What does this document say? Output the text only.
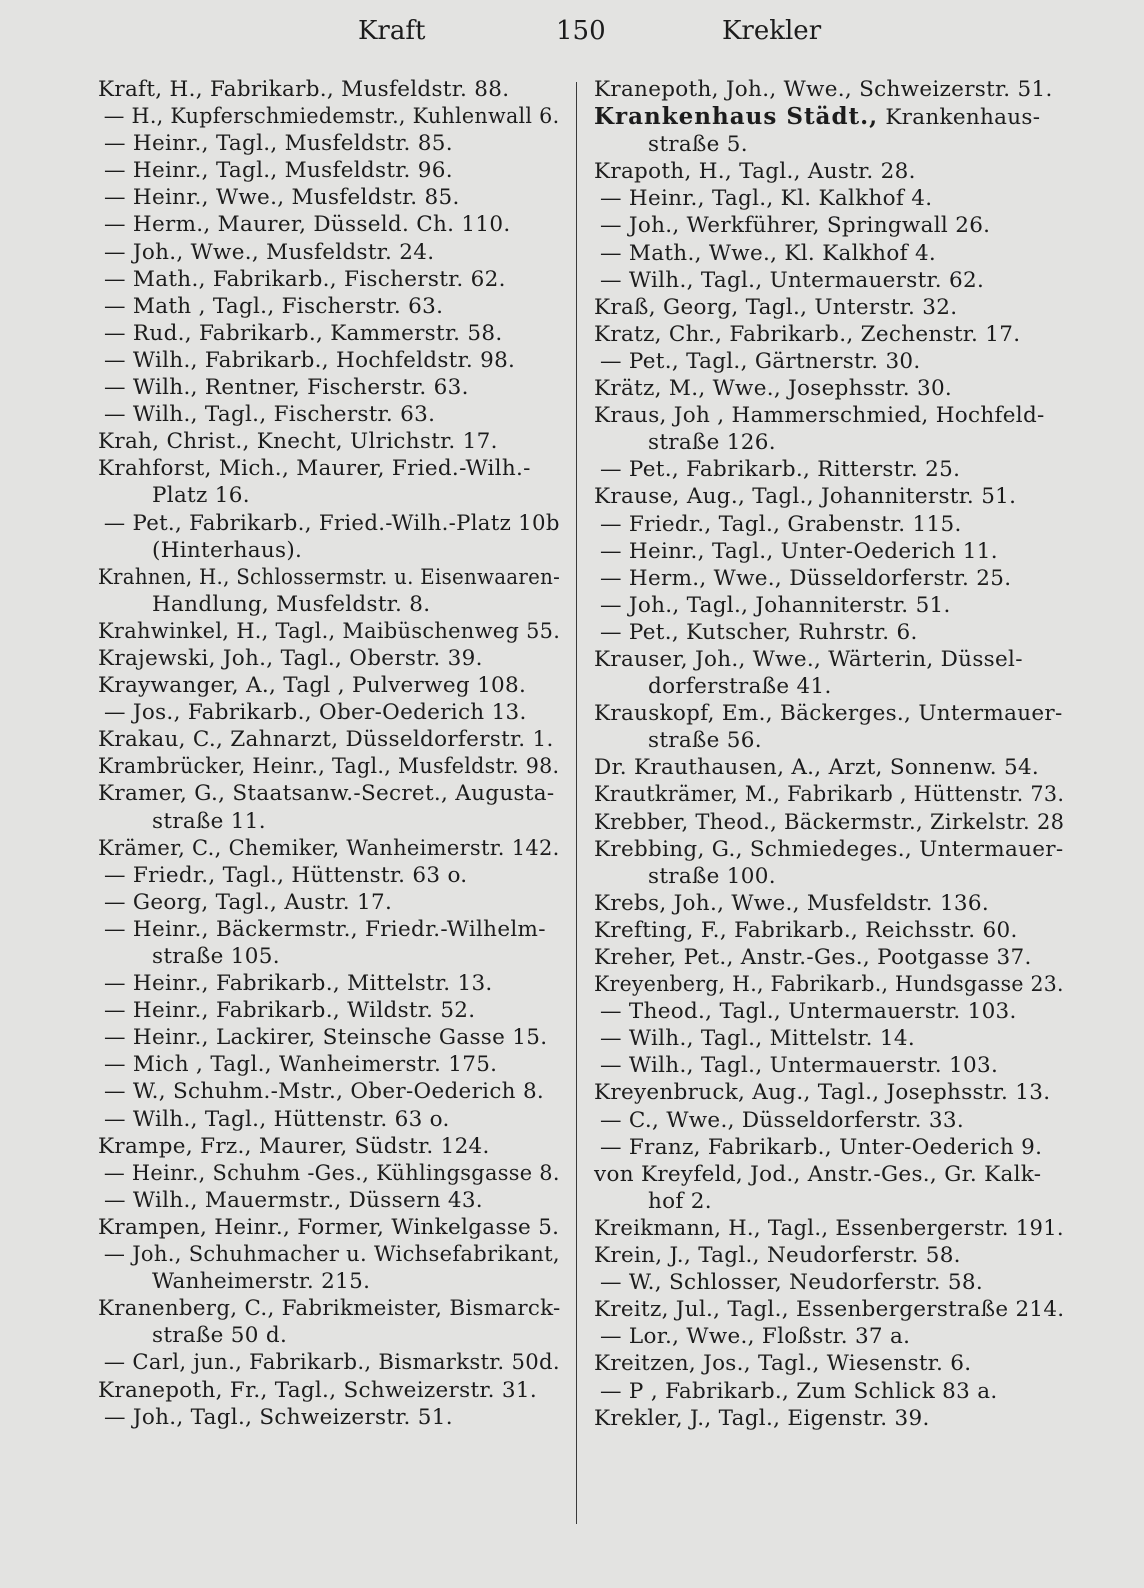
Kraft	150	Krekler
Kraft, H., Fabrikarb., Musfeldstr. 88.
— H., Kupferschmiedemstr., Kuhlenwall 6.
— Heinr., Tagl., Musfeldstr. 85.
— Heinr., Tagl., Musfeldstr. 96.
— Heinr., Wwe., Musfeldstr. 85.
— Herm., Maurer, Düsseld. Ch. 110.
— Joh., Wwe., Musfeldstr. 24.
— Math., Fabrikarb., Fischerstr. 62.
— Math , Tagl., Fischerstr. 63.
— Rud., Fabrikarb., Kammerstr. 58.
— Wilh., Fabrikarb., Hochfeldstr. 98.
— Wilh., Rentner, Fischerstr. 63.
— Wilh., Tagl., Fischerstr. 63.
Krah, Christ., Knecht, Ulrichstr. 17.
Krahforst, Mich., Maurer, Fried.-Wilh.-
Platz 16.
— Pet., Fabrikarb., Fried.-Wilh.-Platz 10b
(Hinterhaus).
Krahnen, H., Schlossermstr. u. Eisenwaaren-
Handlung, Musfeldstr. 8.
Krahwinkel, H., Tagl., Maibüschenweg 55.
Krajewski, Joh., Tagl., Oberstr. 39.
Kraywanger, A., Tagl , Pulverweg 108.
— Jos., Fabrikarb., Ober-Oederich 13.
Krakau, C., Zahnarzt, Düsseldorferstr. 1.
Krambrücker, Heinr., Tagl., Musfeldstr. 98.
Kramer, G., Staatsanw.-Secret., Augusta-
straße 11.
Krämer, C., Chemiker, Wanheimerstr. 142.
— Friedr., Tagl., Hüttenstr. 63 o.
— Georg, Tagl., Austr. 17.
— Heinr., Bäckermstr., Friedr.-Wilhelm-
straße 105.
— Heinr., Fabrikarb., Mittelstr. 13.
— Heinr., Fabrikarb., Wildstr. 52.
— Heinr., Lackirer, Steinsche Gasse 15.
— Mich , Tagl., Wanheimerstr. 175.
— W., Schuhm.-Mstr., Ober-Oederich 8.
— Wilh., Tagl., Hüttenstr. 63 o.
Krampe, Frz., Maurer, Südstr. 124.
— Heinr., Schuhm -Ges., Kühlingsgasse 8.
— Wilh., Mauermstr., Düssern 43.
Krampen, Heinr., Former, Winkelgasse 5.
— Joh., Schuhmacher u. Wichsefabrikant,
Wanheimerstr. 215.
Kranenberg, C., Fabrikmeister, Bismarck-
straße 50 d.
— Carl, jun., Fabrikarb., Bismarkstr. 50d.
Kranepoth, Fr., Tagl., Schweizerstr. 31.
— Joh., Tagl., Schweizerstr. 51.
Kranepoth, Joh., Wwe., Schweizerstr. 51.
Krankenhaus Städt., Krankenhaus-
straße 5.
Krapoth, H., Tagl., Austr. 28.
— Heinr., Tagl., Kl. Kalkhof 4.
— Joh., Werkführer, Springwall 26.
— Math., Wwe., Kl. Kalkhof 4.
— Wilh., Tagl., Untermauerstr. 62.
Kraß, Georg, Tagl., Unterstr. 32.
Kratz, Chr., Fabrikarb., Zechenstr. 17.
— Pet., Tagl., Gärtnerstr. 30.
Krätz, M., Wwe., Josephsstr. 30.
Kraus, Joh , Hammerschmied, Hochfeld-
straße 126.
— Pet., Fabrikarb., Ritterstr. 25.
Krause, Aug., Tagl., Johanniterstr. 51.
— Friedr., Tagl., Grabenstr. 115.
— Heinr., Tagl., Unter-Oederich 11.
— Herm., Wwe., Düsseldorferstr. 25.
— Joh., Tagl., Johanniterstr. 51.
— Pet., Kutscher, Ruhrstr. 6.
Krauser, Joh., Wwe., Wärterin, Düssel-
dorferstraße 41.
Krauskopf, Em., Bäckerges., Untermauer-
straße 56.
Dr. Krauthausen, A., Arzt, Sonnenw. 54.
Krautkrämer, M., Fabrikarb , Hüttenstr. 73.
Krebber, Theod., Bäckermstr., Zirkelstr. 28
Krebbing, G., Schmiedeges., Untermauer-
straße 100.
Krebs, Joh., Wwe., Musfeldstr. 136.
Krefting, F., Fabrikarb., Reichsstr. 60.
Kreher, Pet., Anstr.-Ges., Pootgasse 37.
Kreyenberg, H., Fabrikarb., Hundsgasse 23.
— Theod., Tagl., Untermauerstr. 103.
— Wilh., Tagl., Mittelstr. 14.
— Wilh., Tagl., Untermauerstr. 103.
Kreyenbruck, Aug., Tagl., Josephsstr. 13.
— C., Wwe., Düsseldorferstr. 33.
— Franz, Fabrikarb., Unter-Oederich 9.
von Kreyfeld, Jod., Anstr.-Ges., Gr. Kalk-
hof 2.
Kreikmann, H., Tagl., Essenbergerstr. 191.
Krein, J., Tagl., Neudorferstr. 58.
— W., Schlosser, Neudorferstr. 58.
Kreitz, Jul., Tagl., Essenbergerstraße 214.
— Lor., Wwe., Floßstr. 37 a.
Kreitzen, Jos., Tagl., Wiesenstr. 6.
— P , Fabrikarb., Zum Schlick 83 a.
Krekler, J., Tagl., Eigenstr. 39.
